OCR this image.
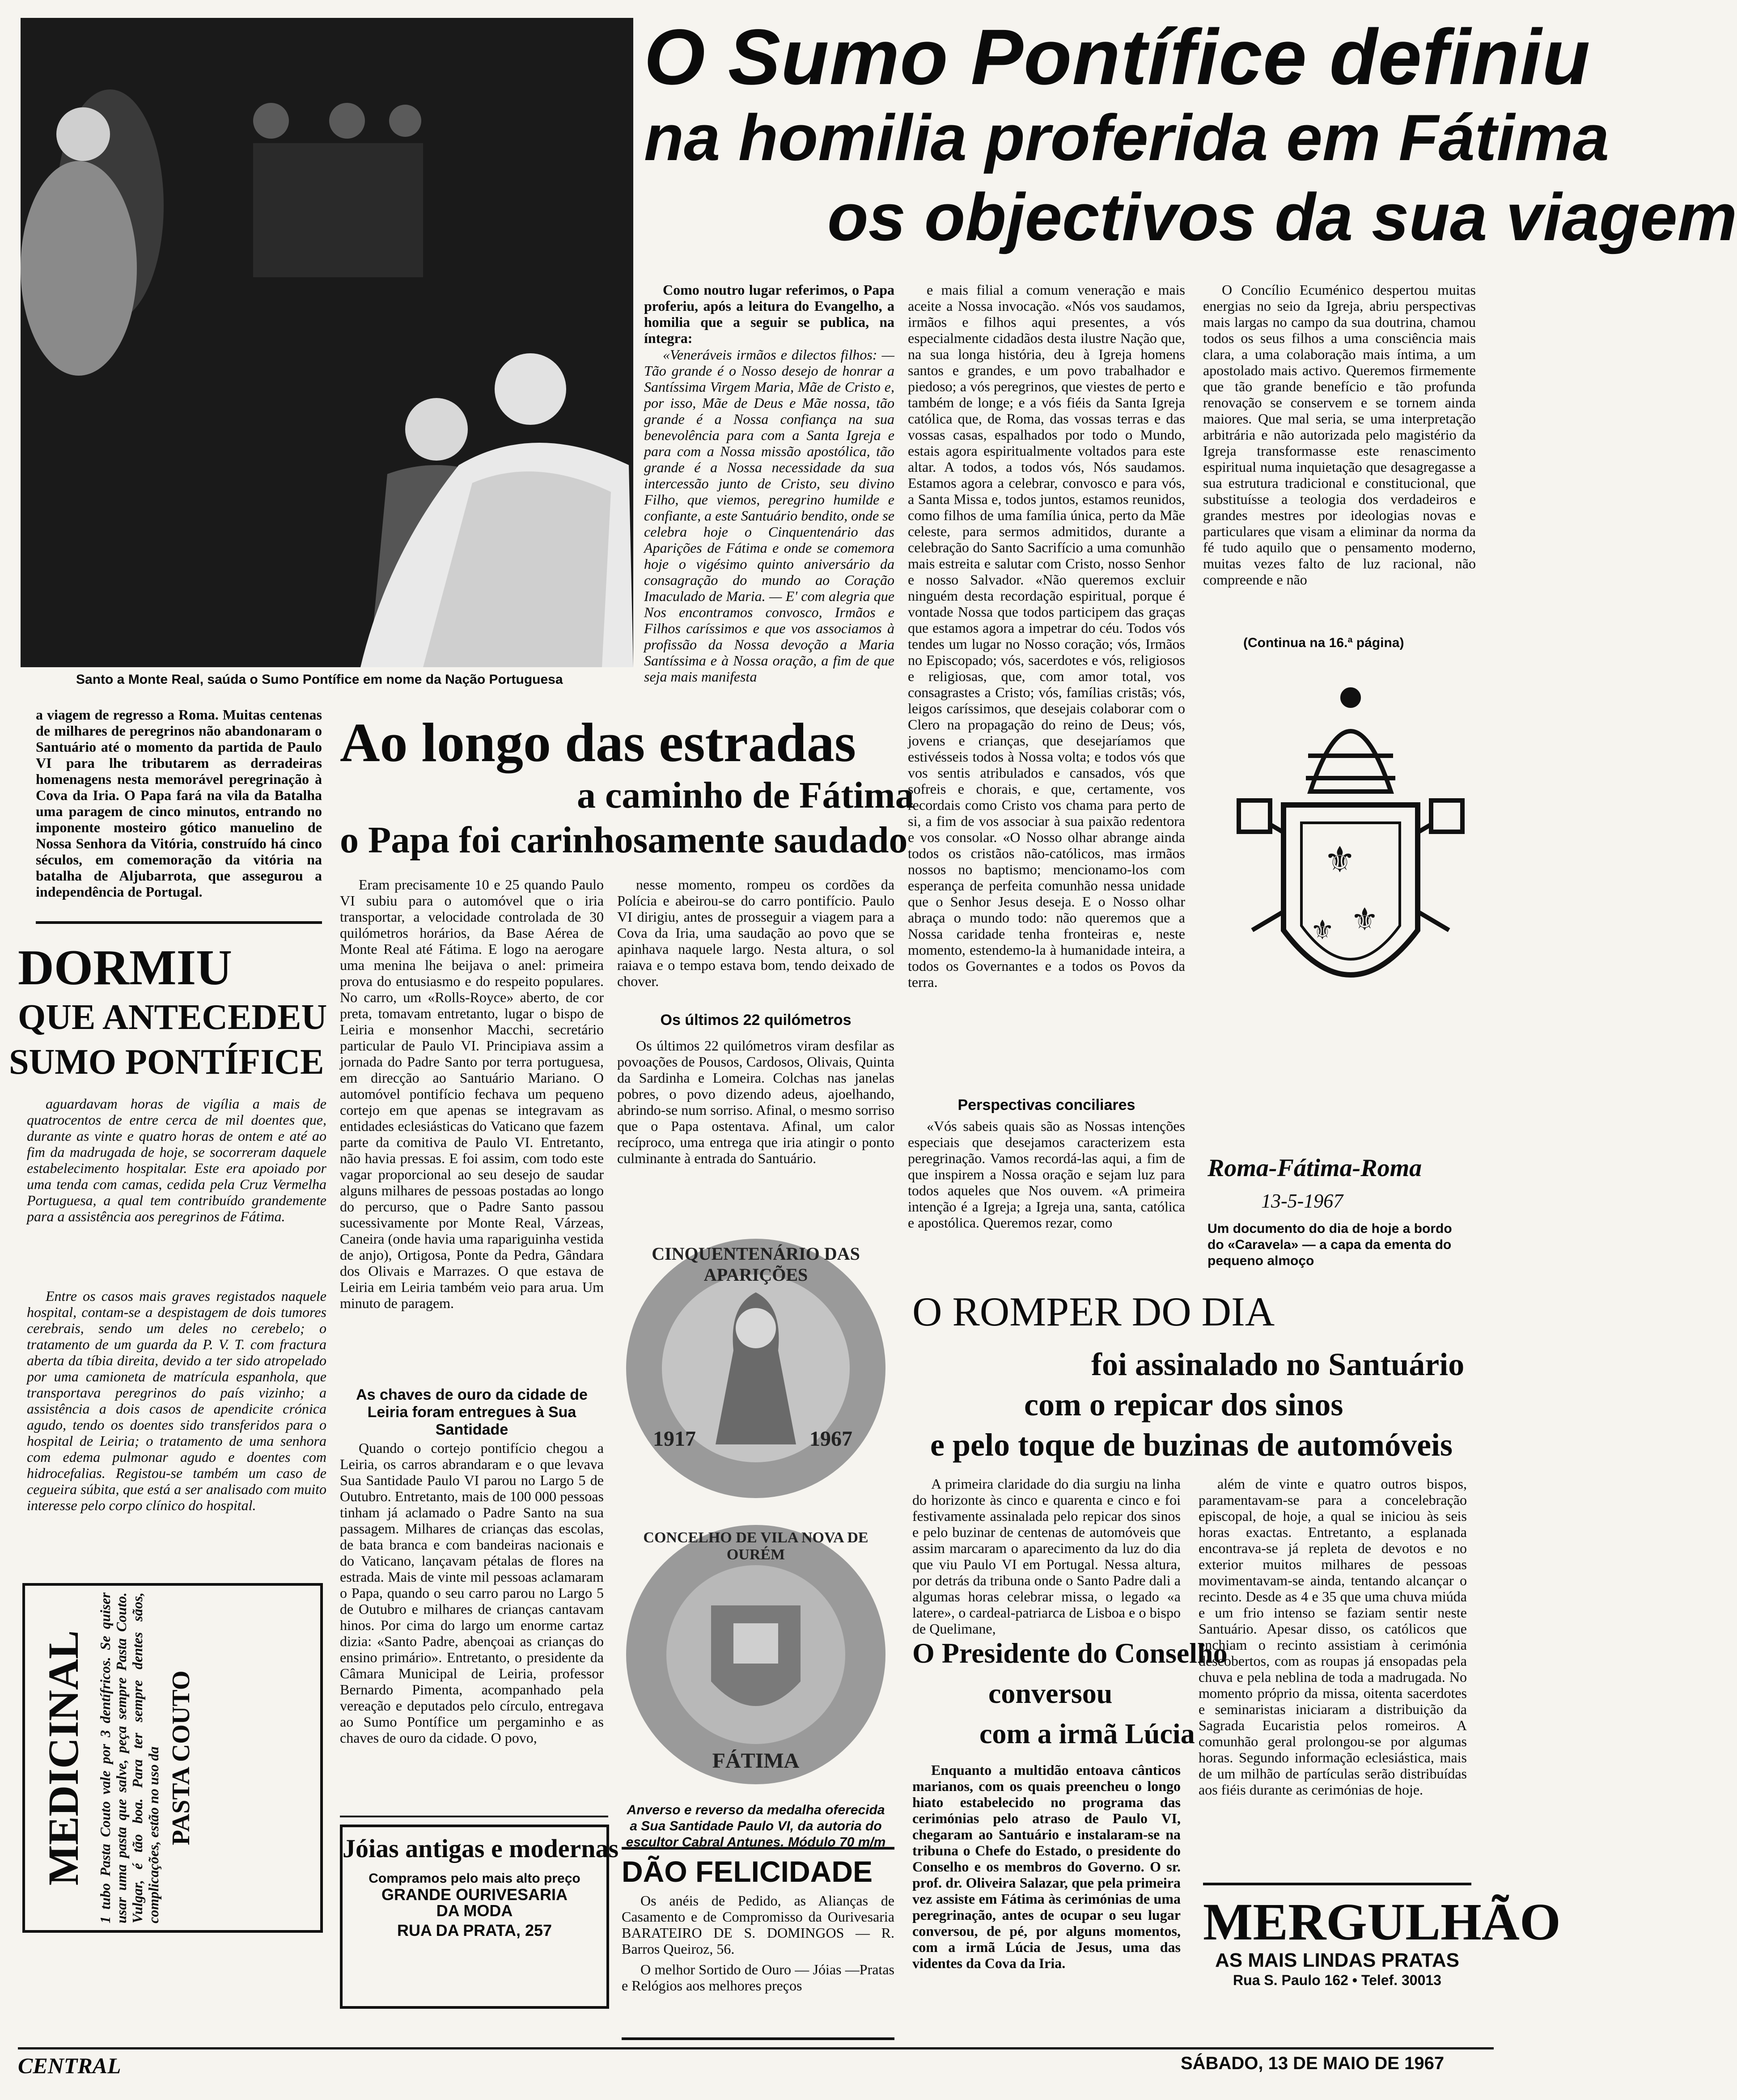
O Sumo Pontífice definiu
na homilia proferida em Fátima
os objectivos da sua viagem
Santo a Monte Real, saúda o Sumo Pontífice em nome da Nação Portuguesa
Como noutro lugar referimos, o Papa proferiu, após a leitura do Evangelho, a homilia que a seguir se publica, na íntegra:
«Veneráveis irmãos e dilectos filhos: — Tão grande é o Nosso desejo de honrar a Santíssima Virgem Maria, Mãe de Cristo e, por isso, Mãe de Deus e Mãe nossa, tão grande é a Nossa confiança na sua benevolência para com a Santa Igreja e para com a Nossa missão apostólica, tão grande é a Nossa necessidade da sua intercessão junto de Cristo, seu divino Filho, que viemos, peregrino humilde e confiante, a este Santuário bendito, onde se celebra hoje o Cinquentenário das Aparições de Fátima e onde se comemora hoje o vigésimo quinto aniversário da consagração do mundo ao Coração Imaculado de Maria. — E' com alegria que Nos encontramos convosco, Irmãos e Filhos caríssimos e que vos associamos à profissão da Nossa devoção a Maria Santíssima e à Nossa oração, a fim de que seja mais manifesta
e mais filial a comum veneração e mais aceite a Nossa invocação. «Nós vos saudamos, irmãos e filhos aqui presentes, a vós especialmente cidadãos desta ilustre Nação que, na sua longa história, deu à Igreja homens santos e grandes, e um povo trabalhador e piedoso; a vós peregrinos, que viestes de perto e também de longe; e a vós fiéis da Santa Igreja católica que, de Roma, das vossas terras e das vossas casas, espalhados por todo o Mundo, estais agora espiritualmente voltados para este altar. A todos, a todos vós, Nós saudamos. Estamos agora a celebrar, convosco e para vós, a Santa Missa e, todos juntos, estamos reunidos, como filhos de uma família única, perto da Mãe celeste, para sermos admitidos, durante a celebração do Santo Sacrifício a uma comunhão mais estreita e salutar com Cristo, nosso Senhor e nosso Salvador. «Não queremos excluir ninguém desta recordação espiritual, porque é vontade Nossa que todos participem das graças que estamos agora a impetrar do céu. Todos vós tendes um lugar no Nosso coração; vós, Irmãos no Episcopado; vós, sacerdotes e vós, religiosos e religiosas, que, com amor total, vos consagrastes a Cristo; vós, famílias cristãs; vós, leigos caríssimos, que desejais colaborar com o Clero na propagação do reino de Deus; vós, jovens e crianças, que desejaríamos que estivésseis todos à Nossa volta; e todos vós que vos sentis atribulados e cansados, vós que sofreis e chorais, e que, certamente, vos recordais como Cristo vos chama para perto de si, a fim de vos associar à sua paixão redentora e vos consolar. «O Nosso olhar abrange ainda todos os cristãos não-católicos, mas irmãos nossos no baptismo; mencionamo-los com esperança de perfeita comunhão nessa unidade que o Senhor Jesus deseja. E o Nosso olhar abraça o mundo todo: não queremos que a Nossa caridade tenha fronteiras e, neste momento, estendemo-la à humanidade inteira, a todos os Governantes e a todos os Povos da terra.
Perspectivas conciliares
«Vós sabeis quais são as Nossas intenções especiais que desejamos caracterizem esta peregrinação. Vamos recordá-las aqui, a fim de que inspirem a Nossa oração e sejam luz para todos aqueles que Nos ouvem. «A primeira intenção é a Igreja; a Igreja una, santa, católica e apostólica. Queremos rezar, como
O Concílio Ecuménico despertou muitas energias no seio da Igreja, abriu perspectivas mais largas no campo da sua doutrina, chamou todos os seus filhos a uma consciência mais clara, a uma colaboração mais íntima, a um apostolado mais activo. Queremos firmemente que tão grande benefício e tão profunda renovação se conservem e se tornem ainda maiores. Que mal seria, se uma interpretação arbitrária e não autorizada pelo magistério da Igreja transformasse este renascimento espiritual numa inquietação que desagregasse a sua estrutura tradicional e constitucional, que substituísse a teologia dos verdadeiros e grandes mestres por ideologias novas e particulares que visam a eliminar da norma da fé tudo aquilo que o pensamento moderno, muitas vezes falto de luz racional, não compreende e não
(Continua na 16.ª página)
⚜
⚜
⚜
Roma-Fátima-Roma
13-5-1967
Um documento do dia de hoje a bordo do «Caravela» — a capa da ementa do pequeno almoço
a viagem de regresso a Roma. Muitas centenas de milhares de peregrinos não abandonaram o Santuário até o momento da partida de Paulo VI para lhe tributarem as derradeiras homenagens nesta memorável peregrinação à Cova da Iria. O Papa fará na vila da Batalha uma paragem de cinco minutos, entrando no imponente mosteiro gótico manuelino de Nossa Senhora da Vitória, construído há cinco séculos, em comemoração da vitória na batalha de Aljubarrota, que assegurou a independência de Portugal.
DORMIU
QUE ANTECEDEU
SUMO PONTÍFICE
aguardavam horas de vigília a mais de quatrocentos de entre cerca de mil doentes que, durante as vinte e quatro horas de ontem e até ao fim da madrugada de hoje, se socorreram daquele estabelecimento hospitalar. Este era apoiado por uma tenda com camas, cedida pela Cruz Vermelha Portuguesa, a qual tem contribuído grandemente para a assistência aos peregrinos de Fátima.
Entre os casos mais graves registados naquele hospital, contam-se a despistagem de dois tumores cerebrais, sendo um deles no cerebelo; o tratamento de um guarda da P. V. T. com fractura aberta da tíbia direita, devido a ter sido atropelado por uma camioneta de matrícula espanhola, que transportava peregrinos do país vizinho; a assistência a dois casos de apendicite crónica agudo, tendo os doentes sido transferidos para o hospital de Leiria; o tratamento de uma senhora com edema pulmonar agudo e doentes com hidrocefalias. Registou-se também um caso de cegueira súbita, que está a ser analisado com muito interesse pelo corpo clínico do hospital.
MEDICINAL 1 tubo Pasta Couto vale por 3 dentífricos. Se quiser usar uma pasta que salve, peça sempre Pasta Couto. Vulgar, é tão boa. Para ter sempre dentes sãos, complicações, estão no uso da PASTA COUTO
Ao longo das estradas
a caminho de Fátima
o Papa foi carinhosamente saudado
Eram precisamente 10 e 25 quando Paulo VI subiu para o automóvel que o iria transportar, a velocidade controlada de 30 quilómetros horários, da Base Aérea de Monte Real até Fátima. E logo na aerogare uma menina lhe beijava o anel: primeira prova do entusiasmo e do respeito populares. No carro, um «Rolls-Royce» aberto, de cor preta, tomavam entretanto, lugar o bispo de Leiria e monsenhor Macchi, secretário particular de Paulo VI. Principiava assim a jornada do Padre Santo por terra portuguesa, em direcção ao Santuário Mariano. O automóvel pontifício fechava um pequeno cortejo em que apenas se integravam as entidades eclesiásticas do Vaticano que fazem parte da comitiva de Paulo VI. Entretanto, não havia pressas. E foi assim, com todo este vagar proporcional ao seu desejo de saudar alguns milhares de pessoas postadas ao longo do percurso, que o Padre Santo passou sucessivamente por Monte Real, Várzeas, Caneira (onde havia uma rapariguinha vestida de anjo), Ortigosa, Ponte da Pedra, Gândara dos Olivais e Marrazes. O que estava de Leiria em Leiria também veio para arua. Um minuto de paragem.
As chaves de ouro da cidade de Leiria foram entregues à Sua Santidade
Quando o cortejo pontifício chegou a Leiria, os carros abrandaram e o que levava Sua Santidade Paulo VI parou no Largo 5 de Outubro. Entretanto, mais de 100 000 pessoas tinham já aclamado o Padre Santo na sua passagem. Milhares de crianças das escolas, de bata branca e com bandeiras nacionais e do Vaticano, lançavam pétalas de flores na estrada. Mais de vinte mil pessoas aclamaram o Papa, quando o seu carro parou no Largo 5 de Outubro e milhares de crianças cantavam hinos. Por cima do largo um enorme cartaz dizia: «Santo Padre, abençoai as crianças do ensino primário». Entretanto, o presidente da Câmara Municipal de Leiria, professor Bernardo Pimenta, acompanhado pela vereação e deputados pelo círculo, entregava ao Sumo Pontífice um pergaminho e as chaves de ouro da cidade. O povo,
nesse momento, rompeu os cordões da Polícia e abeirou-se do carro pontifício. Paulo VI dirigiu, antes de prosseguir a viagem para a Cova da Iria, uma saudação ao povo que se apinhava naquele largo. Nesta altura, o sol raiava e o tempo estava bom, tendo deixado de chover.
Os últimos 22 quilómetros
Os últimos 22 quilómetros viram desfilar as povoações de Pousos, Cardosos, Olivais, Quinta da Sardinha e Lomeira. Colchas nas janelas pobres, o povo dizendo adeus, ajoelhando, abrindo-se num sorriso. Afinal, o mesmo sorriso que o Papa ostentava. Afinal, um calor recíproco, uma entrega que iria atingir o ponto culminante à entrada do Santuário.
CINQUENTENÁRIO DAS APARIÇÕES
1917	1967
CONCELHO DE VILA NOVA DE OURÉM
FÁTIMA
Anverso e reverso da medalha oferecida a Sua Santidade Paulo VI, da autoria do escultor Cabral Antunes. Módulo 70 m/m
O ROMPER DO DIA
foi assinalado no Santuário
com o repicar dos sinos
e pelo toque de buzinas de automóveis
A primeira claridade do dia surgiu na linha do horizonte às cinco e quarenta e cinco e foi festivamente assinalada pelo repicar dos sinos e pelo buzinar de centenas de automóveis que assim marcaram o aparecimento da luz do dia que viu Paulo VI em Portugal. Nessa altura, por detrás da tribuna onde o Santo Padre dali a algumas horas celebrar missa, o legado «a latere», o cardeal-patriarca de Lisboa e o bispo de Quelimane,
além de vinte e quatro outros bispos, paramentavam-se para a concelebração episcopal, de hoje, a qual se iniciou às seis horas exactas. Entretanto, a esplanada encontrava-se já repleta de devotos e no exterior muitos milhares de pessoas movimentavam-se ainda, tentando alcançar o recinto. Desde as 4 e 35 que uma chuva miúda e um frio intenso se faziam sentir neste Santuário. Apesar disso, os católicos que enchiam o recinto assistiam à cerimónia descobertos, com as roupas já ensopadas pela chuva e pela neblina de toda a madrugada. No momento próprio da missa, oitenta sacerdotes e seminaristas iniciaram a distribuição da Sagrada Eucaristia pelos romeiros. A comunhão geral prolongou-se por algumas horas. Segundo informação eclesiástica, mais de um milhão de partículas serão distribuídas aos fiéis durante as cerimónias de hoje.
O Presidente do Conselho
conversou
com a irmã Lúcia
Enquanto a multidão entoava cânticos marianos, com os quais preencheu o longo hiato estabelecido no programa das cerimónias pelo atraso de Paulo VI, chegaram ao Santuário e instalaram-se na tribuna o Chefe do Estado, o presidente do Conselho e os membros do Governo. O sr. prof. dr. Oliveira Salazar, que pela primeira vez assiste em Fátima às cerimónias de uma peregrinação, antes de ocupar o seu lugar conversou, de pé, por alguns momentos, com a irmã Lúcia de Jesus, uma das videntes da Cova da Iria.
Jóias antigas e modernas
Compramos pelo mais alto preço
GRANDE OURIVESARIA
DA MODA
RUA DA PRATA, 257
DÃO FELICIDADE
Os anéis de Pedido, as Alianças de Casamento e de Compromisso da Ourivesaria BARATEIRO DE S. DOMINGOS — R. Barros Queiroz, 56.
O melhor Sortido de Ouro — Jóias —Pratas e Relógios aos melhores preços
MERGULHÃO
AS MAIS LINDAS PRATAS
Rua S. Paulo 162 • Telef. 30013
CENTRAL	SÁBADO, 13 DE MAIO DE 1967
